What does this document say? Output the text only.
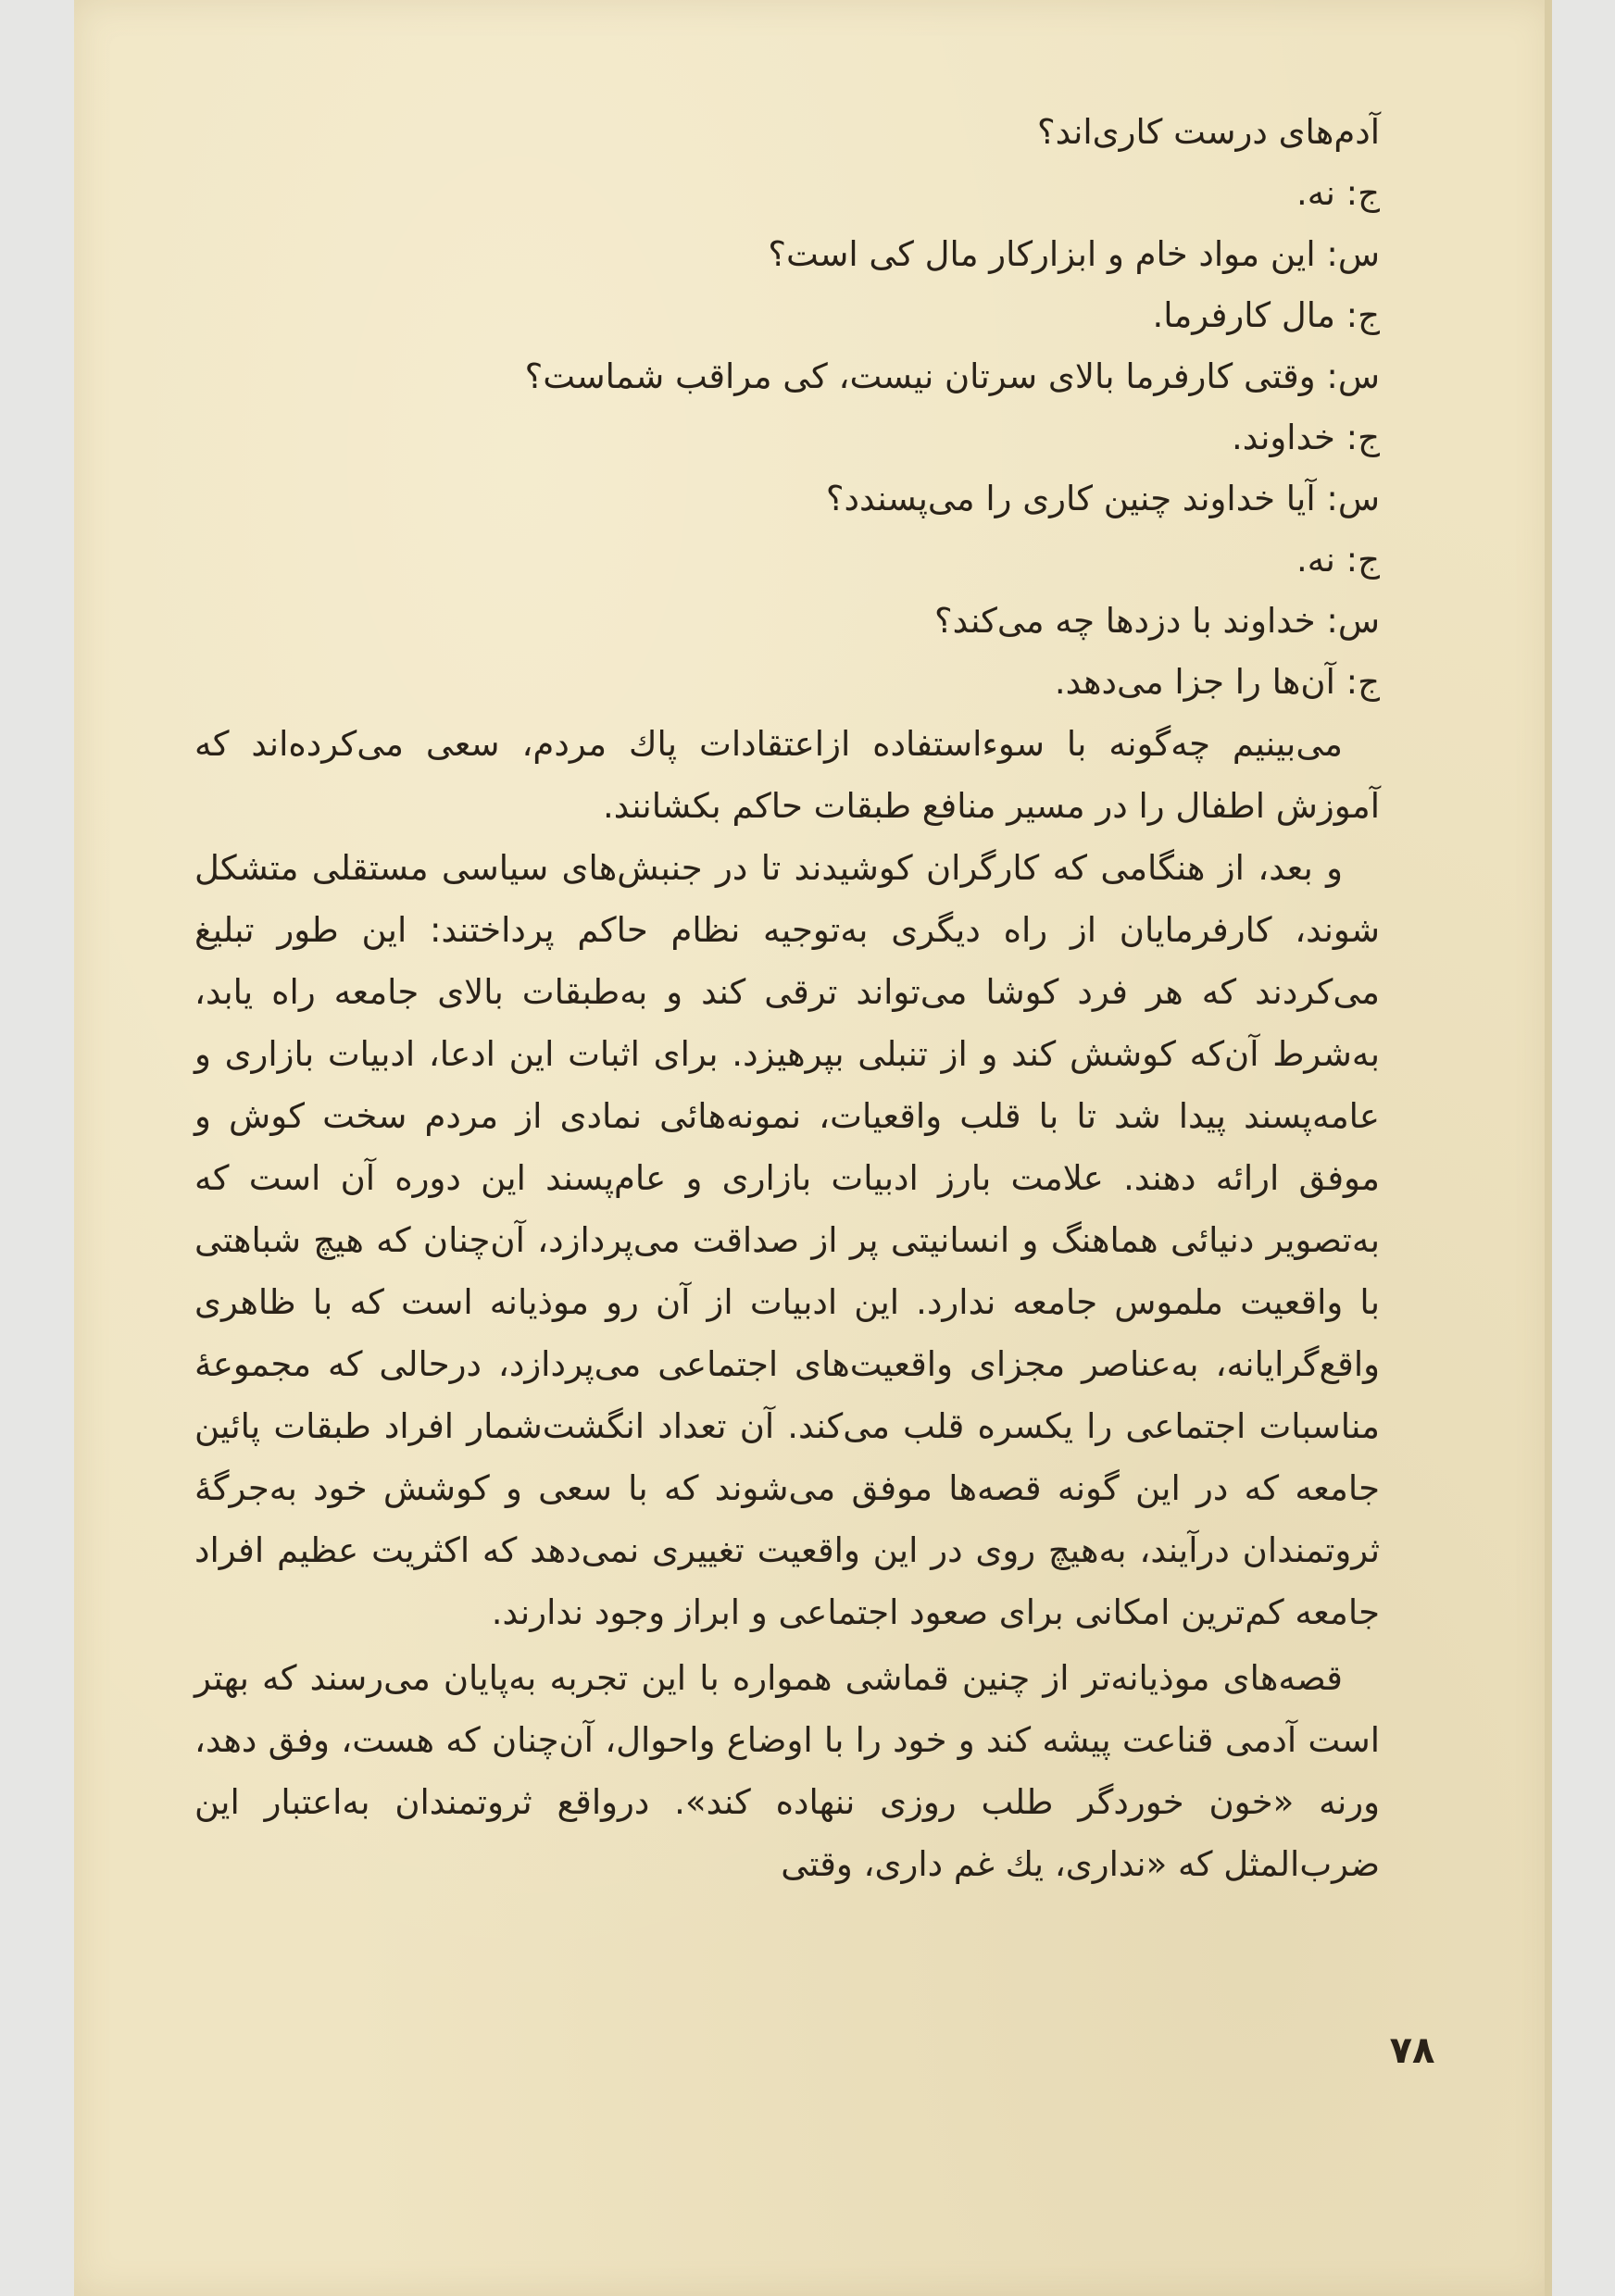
آدم‌های درست کاری‌اند؟

ج: نه.

س: این مواد خام و ابزارکار مال کی است؟

ج: مال کارفرما.

س: وقتی کارفرما بالای سرتان نیست، کی مراقب شماست؟

ج: خداوند.

س: آیا خداوند چنین کاری را می‌پسندد؟

ج: نه.

س: خداوند با دزدها چه می‌کند؟

ج: آن‌ها را جزا می‌دهد.

می‌بینیم چه‌گونه با سوءاستفاده ازاعتقادات پاك مردم، سعی می‌کرده‌اند که آموزش اطفال را در مسیر منافع طبقات حاکم بکشانند.

و بعد، از هنگامی که کارگران کوشیدند تا در جنبش‌های سیاسی مستقلی متشکل شوند، کارفرمایان از راه دیگری به‌توجیه نظام حاکم پرداختند: این طور تبلیغ می‌کردند که هر فرد کوشا می‌تواند ترقی کند و به‌طبقات بالای جامعه راه یابد، به‌شرط آن‌که کوشش کند و از تنبلی بپرهیزد. برای اثبات این ادعا، ادبیات بازاری و عامه‌پسند پیدا شد تا با قلب واقعیات، نمونه‌هائی نمادی از مردم سخت کوش و موفق ارائه دهند. علامت بارز ادبیات بازاری و عام‌پسند این دوره آن است که به‌تصویر دنیائی هماهنگ و انسانیتی پر از صداقت می‌پردازد، آن‌چنان که هیچ شباهتی با واقعیت ملموس جامعه ندارد. این ادبیات از آن رو موذیانه است که با ظاهری واقع‌گرایانه، به‌عناصر مجزای واقعیت‌های اجتماعی می‌پردازد، درحالی که مجموعهٔ مناسبات اجتماعی را یکسره قلب می‌کند. آن تعداد انگشت‌شمار افراد طبقات پائین جامعه که در این گونه قصه‌ها موفق می‌شوند که با سعی و کوشش خود به‌جرگهٔ ثروتمندان درآیند، به‌هیچ روی در این واقعیت تغییری نمی‌دهد که اکثریت عظیم افراد جامعه کم‌ترین امکانی برای صعود اجتماعی و ابراز وجود ندارند.

قصه‌های موذیانه‌تر از چنین قماشی همواره با این تجربه به‌پایان می‌رسند که بهتر است آدمی قناعت پیشه کند و خود را با اوضاع واحوال، آن‌چنان که هست، وفق دهد، ورنه «خون خوردگر طلب روزی ننهاده کند». درواقع ثروتمندان به‌اعتبار این ضرب‌المثل که «نداری، یك غم داری، وقتی

۷۸
